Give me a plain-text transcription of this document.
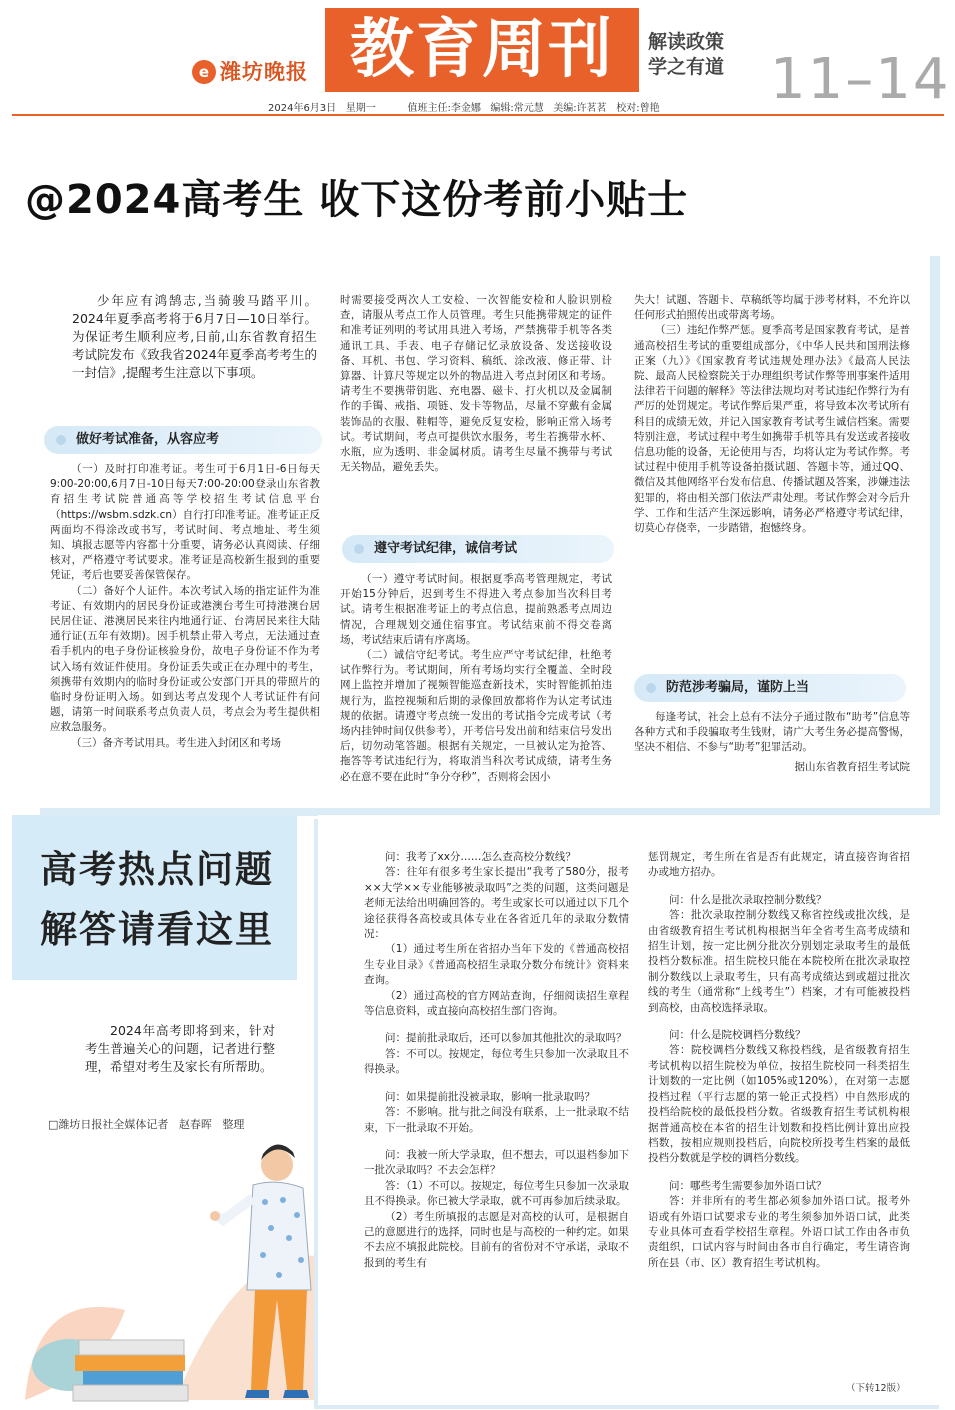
e 潍坊晚报 教育周刊	解读政策
学之有道 11–14
2024年6月3日   星期一          值班主任:李金娜   编辑:常元慧   美编:许茗茗   校对:曾艳
@2024高考生 收下这份考前小贴士

少年应有鸿鹄志,当骑骏马踏平川。2024年夏季高考将于6月7日—10日举行。为保证考生顺利应考,日前,山东省教育招生考试院发布《致我省2024年夏季高考考生的一封信》,提醒考生注意以下事项。

做好考试准备，从容应考

（一）及时打印准考证。考生可于6月1日-6日每天9:00-20:00,6月7日-10日每天7:00-20:00登录山东省教育招生考试院普通高等学校招生考试信息平台（https://wsbm.sdzk.cn）自行打印准考证。准考证正反两面均不得涂改或书写，考试时间、考点地址、考生须知、填报志愿等内容都十分重要，请务必认真阅读、仔细核对，严格遵守考试要求。准考证是高校新生报到的重要凭证，考后也要妥善保管保存。

（二）备好个人证件。本次考试入场的指定证件为准考证、有效期内的居民身份证或港澳台考生可持港澳台居民居住证、港澳居民来往内地通行证、台湾居民来往大陆通行证(五年有效期)。因手机禁止带入考点，无法通过查看手机内的电子身份证核验身份，故电子身份证不作为考试入场有效证件使用。身份证丢失或正在办理中的考生，须携带有效期内的临时身份证或公安部门开具的带照片的临时身份证明入场。如到达考点发现个人考试证件有问题，请第一时间联系考点负责人员，考点会为考生提供相应救急服务。

（三）备齐考试用具。考生进入封闭区和考场

时需要接受两次人工安检、一次智能安检和人脸识别检查，请服从考点工作人员管理。考生只能携带规定的证件和准考证列明的考试用具进入考场，严禁携带手机等各类通讯工具、手表、电子存储记忆录放设备、发送接收设备、耳机、书包、学习资料、稿纸、涂改液、修正带、计算器、计算尺等规定以外的物品进入考点封闭区和考场。请考生不要携带钥匙、充电器、磁卡、打火机以及金属制作的手镯、戒指、项链、发卡等物品，尽量不穿戴有金属装饰品的衣服、鞋帽等，避免反复安检，影响正常入场考试。考试期间，考点可提供饮水服务，考生若携带水杯、水瓶，应为透明、非金属材质。请考生尽量不携带与考试无关物品，避免丢失。

遵守考试纪律，诚信考试

（一）遵守考试时间。根据夏季高考管理规定，考试开始15分钟后，迟到考生不得进入考点参加当次科目考试。请考生根据准考证上的考点信息，提前熟悉考点周边情况，合理规划交通住宿事宜。考试结束前不得交卷离场，考试结束后请有序离场。

（二）诚信守纪考试。考生应严守考试纪律，杜绝考试作弊行为。考试期间，所有考场均实行全覆盖、全时段网上监控并增加了视频智能巡查新技术，实时智能抓拍违规行为，监控视频和后期的录像回放都将作为认定考试违规的依据。请遵守考点统一发出的考试指令完成考试（考场内挂钟时间仅供参考），开考信号发出前和结束信号发出后，切勿动笔答题。根据有关规定，一旦被认定为抢答、拖答等考试违纪行为，将取消当科次考试成绩，请考生务必在意不要在此时“争分夺秒”，否则将会因小

失大！试题、答题卡、草稿纸等均属于涉考材料，不允许以任何形式拍照传出或带离考场。

（三）违纪作弊严惩。夏季高考是国家教育考试，是普通高校招生考试的重要组成部分，《中华人民共和国刑法修正案（九）》《国家教育考试违规处理办法》《最高人民法院、最高人民检察院关于办理组织考试作弊等刑事案件适用法律若干问题的解释》等法律法规均对考试违纪作弊行为有严厉的处罚规定。考试作弊后果严重，将导致本次考试所有科目的成绩无效，并记入国家教育考试考生诚信档案。需要特别注意，考试过程中考生如携带手机等具有发送或者接收信息功能的设备，无论使用与否，均将认定为考试作弊。考试过程中使用手机等设备拍摄试题、答题卡等，通过QQ、微信及其他网络平台发布信息、传播试题及答案，涉嫌违法犯罪的，将由相关部门依法严肃处理。考试作弊会对今后升学、工作和生活产生深远影响，请务必严格遵守考试纪律，切莫心存侥幸，一步踏错，抱憾终身。

防范涉考骗局，谨防上当

每逢考试，社会上总有不法分子通过散布“助考”信息等各种方式和手段骗取考生钱财，请广大考生务必提高警惕，坚决不相信、不参与“助考”犯罪活动。

据山东省教育招生考试院

高考热点问题
解答请看这里
2024年高考即将到来，针对考生普遍关心的问题，记者进行整理，希望对考生及家长有所帮助。
□潍坊日报社全媒体记者   赵春晖   整理

问：我考了xx分……怎么查高校分数线？

答：往年有很多考生家长提出“我考了580分，报考××大学××专业能够被录取吗”之类的问题，这类问题是老师无法给出明确回答的。考生或家长可以通过以下几个途径获得各高校或具体专业在各省近几年的录取分数情况：

（1）通过考生所在省招办当年下发的《普通高校招生专业目录》《普通高校招生录取分数分布统计》资料来查询。

（2）通过高校的官方网站查询，仔细阅读招生章程等信息资料，或直接向高校招生部门咨询。

问：提前批录取后，还可以参加其他批次的录取吗？

答：不可以。按规定，每位考生只参加一次录取且不得换录。

问：如果提前批没被录取，影响一批录取吗？

答：不影响。批与批之间没有联系，上一批录取不结束，下一批录取不开始。

问：我被一所大学录取，但不想去，可以退档参加下一批次录取吗？不去会怎样？

答：（1）不可以。按规定，每位考生只参加一次录取且不得换录。你已被大学录取，就不可再参加后续录取。

（2）考生所填报的志愿是对高校的认可，是根据自己的意愿进行的选择，同时也是与高校的一种约定。如果不去应不填报此院校。目前有的省份对不守承诺，录取不报到的考生有

惩罚规定，考生所在省是否有此规定，请直接咨询省招办或地方招办。

问：什么是批次录取控制分数线？

答：批次录取控制分数线又称省控线或批次线，是由省级教育招生考试机构根据当年全省考生高考成绩和招生计划，按一定比例分批次分别划定录取考生的最低投档分数标准。招生院校只能在本院校所在批次录取控制分数线以上录取考生，只有高考成绩达到或超过批次线的考生（通常称“上线考生”）档案，才有可能被投档到高校，由高校选择录取。

问：什么是院校调档分数线？

答：院校调档分数线又称投档线，是省级教育招生考试机构以招生院校为单位，按招生院校同一科类招生计划数的一定比例（如105%或120%），在对第一志愿投档过程（平行志愿的第一轮正式投档）中自然形成的投档给院校的最低投档分数。省级教育招生考试机构根据普通高校在本省的招生计划数和投档比例计算出应投档数，按相应规则投档后，向院校所投考生档案的最低投档分数就是学校的调档分数线。

问：哪些考生需要参加外语口试？

答：并非所有的考生都必须参加外语口试。报考外语或有外语口试要求专业的考生须参加外语口试，此类专业具体可查看学校招生章程。外语口试工作由各市负责组织，口试内容与时间由各市自行确定，考生请咨询所在县（市、区）教育招生考试机构。

（下转12版）
